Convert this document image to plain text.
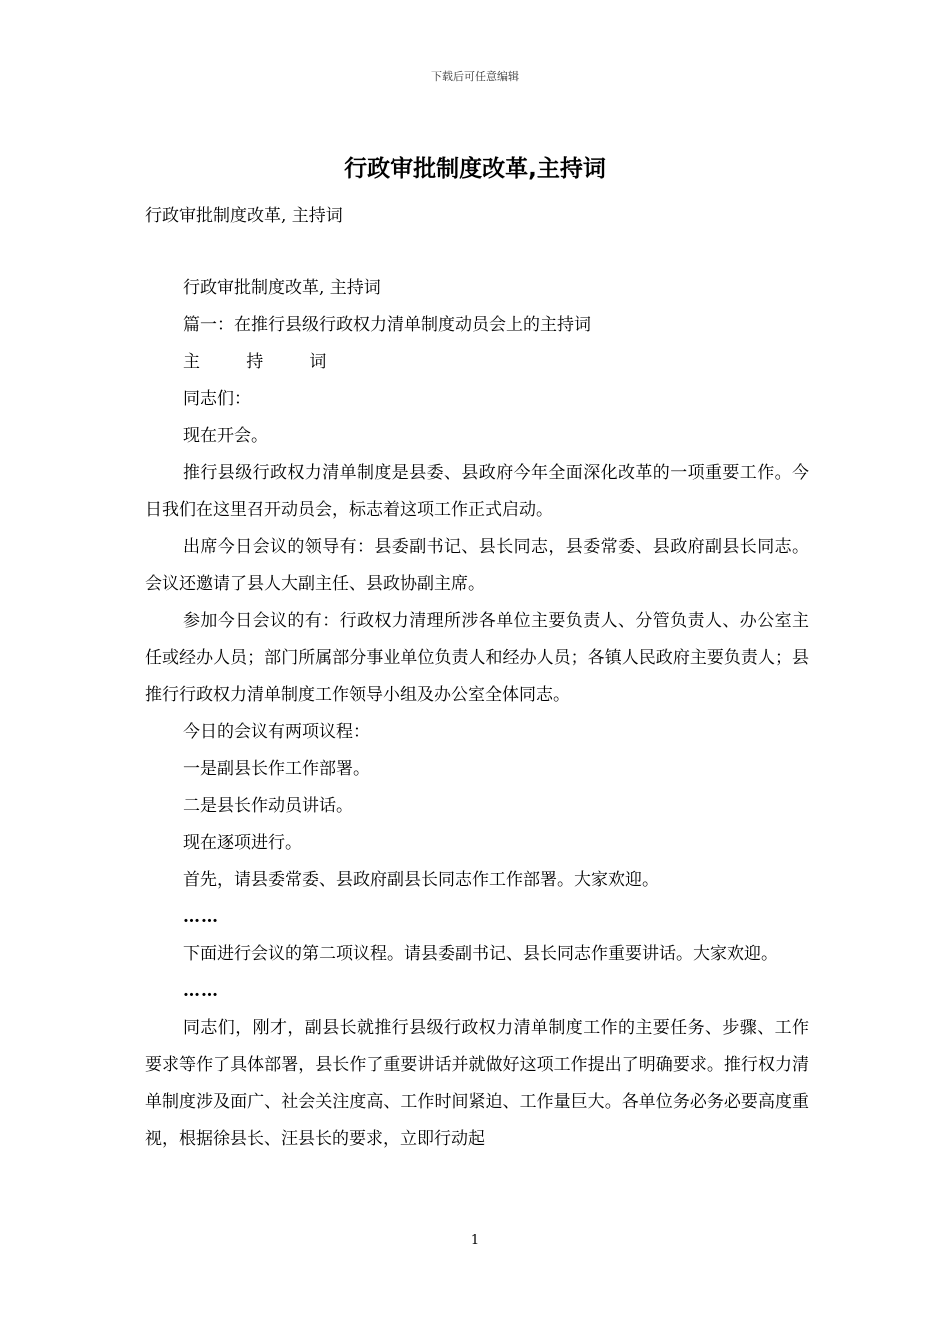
下载后可任意编辑
行政审批制度改革,主持词
行政审批制度改革, 主持词

行政审批制度改革, 主持词

篇一：在推行县级行政权力清单制度动员会上的主持词

主 持 词

同志们：

现在开会。

推行县级行政权力清单制度是县委、县政府今年全面深化改革的一项重要工作。今日我们在这里召开动员会，标志着这项工作正式启动。

出席今日会议的领导有：县委副书记、县长同志，县委常委、县政府副县长同志。会议还邀请了县人大副主任、县政协副主席。

参加今日会议的有：行政权力清理所涉各单位主要负责人、分管负责人、办公室主任或经办人员；部门所属部分事业单位负责人和经办人员；各镇人民政府主要负责人；县推行行政权力清单制度工作领导小组及办公室全体同志。

今日的会议有两项议程：

一是副县长作工作部署。

二是县长作动员讲话。

现在逐项进行。

首先，请县委常委、县政府副县长同志作工作部署。大家欢迎。

……

下面进行会议的第二项议程。请县委副书记、县长同志作重要讲话。大家欢迎。

……

同志们，刚才，副县长就推行县级行政权力清单制度工作的主要任务、步骤、工作要求等作了具体部署，县长作了重要讲话并就做好这项工作提出了明确要求。推行权力清单制度涉及面广、社会关注度高、工作时间紧迫、工作量巨大。各单位务必务必要高度重视，根据徐县长、汪县长的要求，立即行动起

1
